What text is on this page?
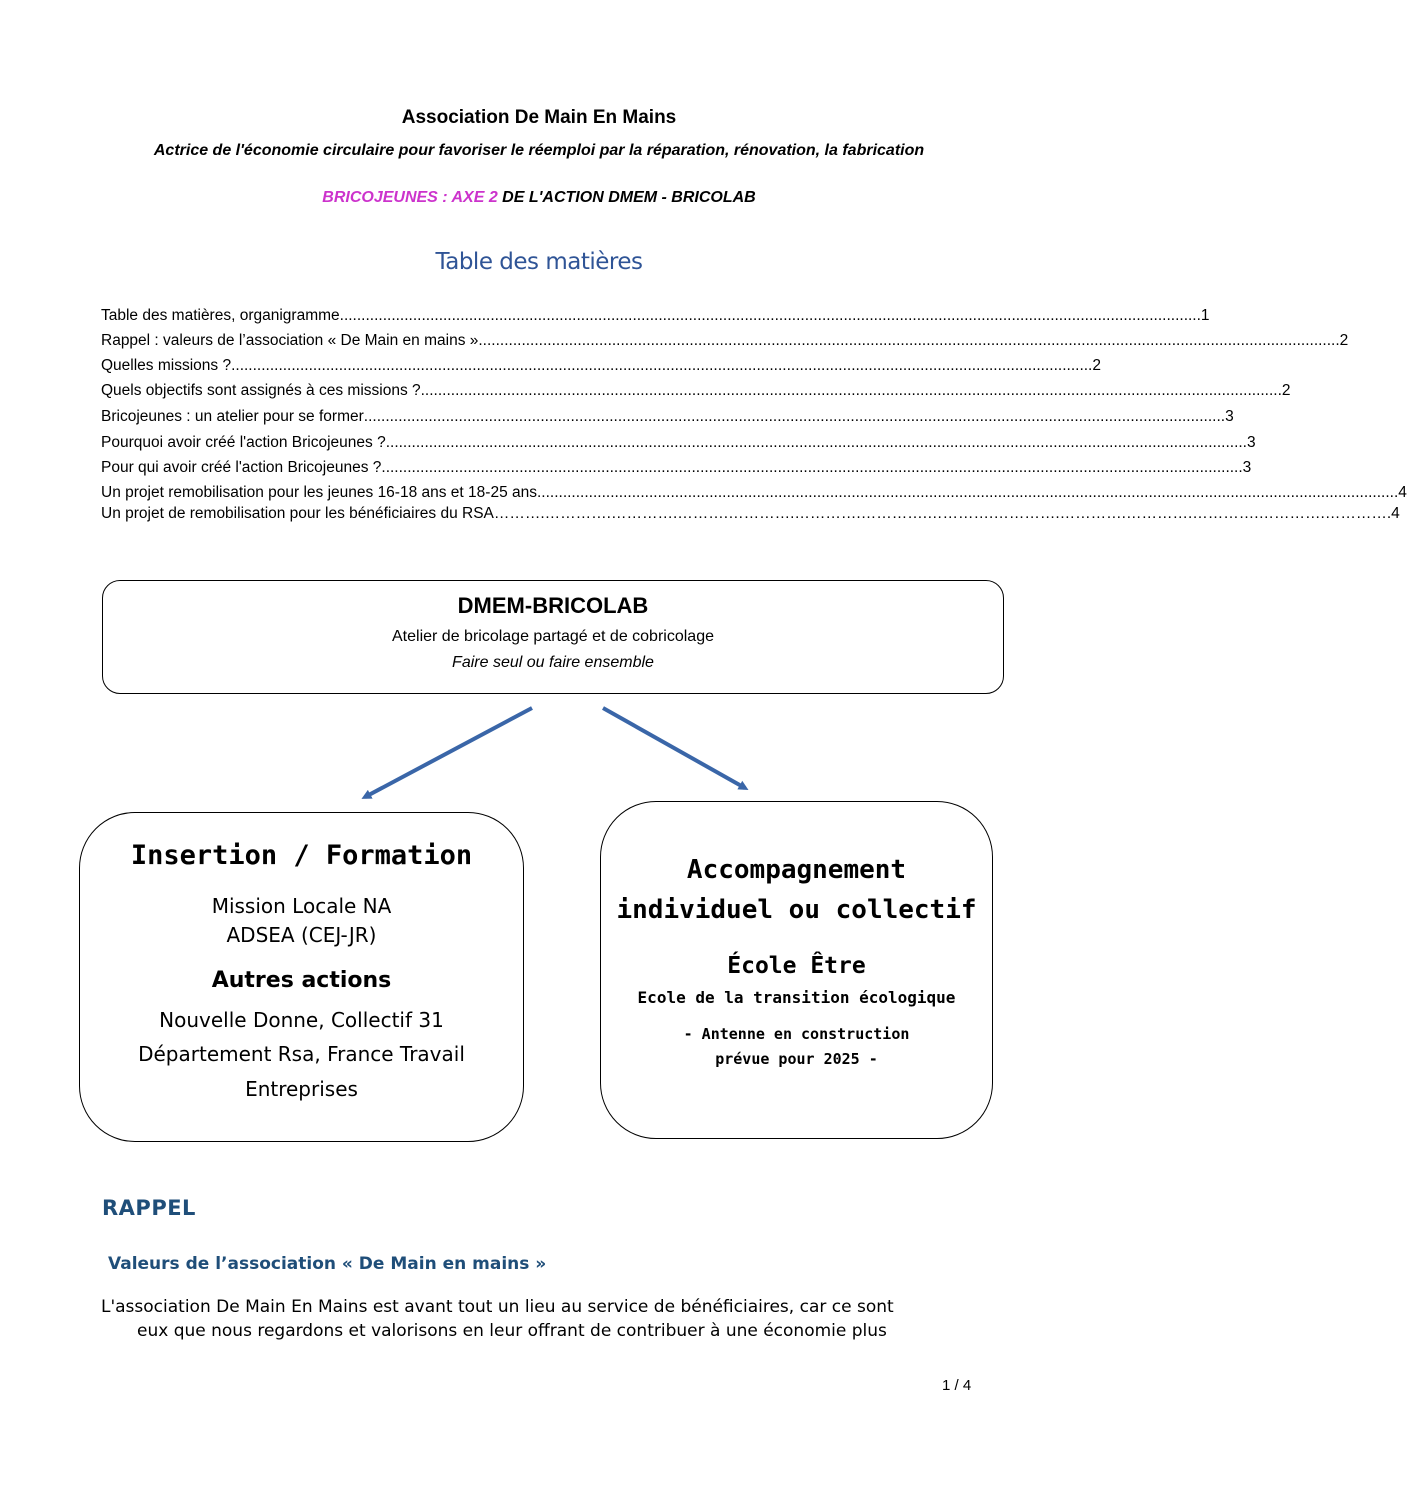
Association De Main En Mains
Actrice de l'économie circulaire pour favoriser le réemploi par la réparation, rénovation, la fabrication
BRICOJEUNES : AXE 2 DE L'ACTION DMEM - BRICOLAB
Table des matières
Table des matières, organigramme ........................................................................................................................................................................................................ 1
Rappel : valeurs de l’association « De Main en mains » ........................................................................................................................................................................................................ 2
Quelles missions ? ........................................................................................................................................................................................................ 2
Quels objectifs sont assignés à ces missions ? ........................................................................................................................................................................................................ 2
Bricojeunes : un atelier pour se former ........................................................................................................................................................................................................ 3
Pourquoi avoir créé l'action Bricojeunes ? ........................................................................................................................................................................................................ 3
Pour qui avoir créé l'action Bricojeunes ? ........................................................................................................................................................................................................ 3
Un projet remobilisation pour les jeunes 16-18 ans et 18-25 ans ........................................................................................................................................................................................................ 4
Un projet de remobilisation pour les bénéficiaires du RSA ……….………….………….……….………….………….………….………….………….………….………….………….………….…………. 4
DMEM-BRICOLAB
Atelier de bricolage partagé et de cobricolage
Faire seul ou faire ensemble
Insertion / Formation
Mission Locale NA
ADSEA (CEJ-JR)
Autres actions
Nouvelle Donne, Collectif 31
Département Rsa, France Travail
Entreprises
Accompagnement
individuel ou collectif
École Être
Ecole de la transition écologique
- Antenne en construction
prévue pour 2025 -
RAPPEL
Valeurs de l’association « De Main en mains »
L'association De Main En Mains est avant tout un lieu au service de bénéficiaires, car ce sont
eux que nous regardons et valorisons en leur offrant de contribuer à une économie plus
1 / 4
